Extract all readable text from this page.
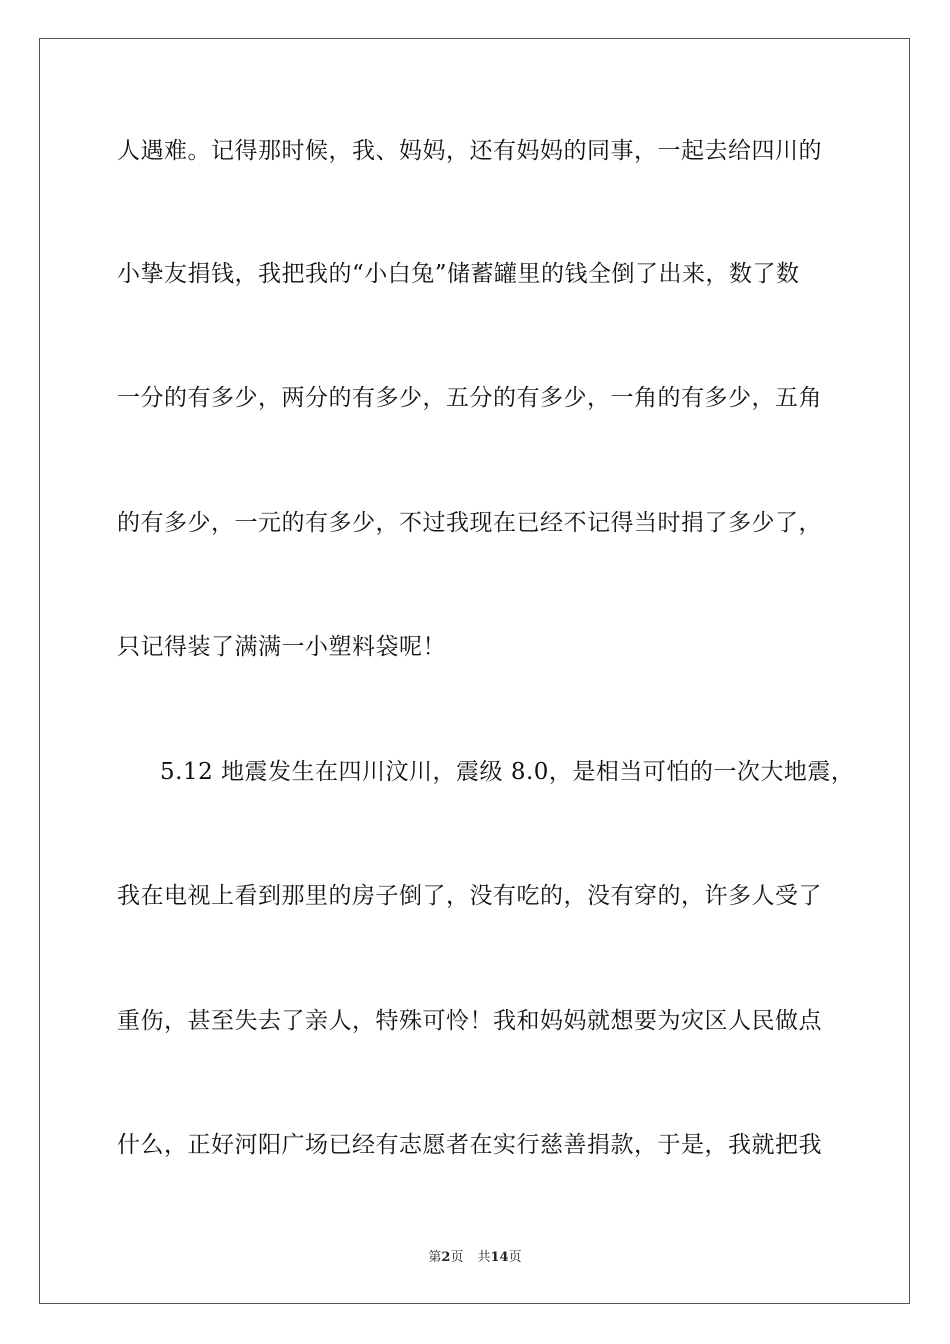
人遇难。记得那时候，我、妈妈，还有妈妈的同事，一起去给四川的
小挚友捐钱，我把我的“小白兔”储蓄罐里的钱全倒了出来，数了数
一分的有多少，两分的有多少，五分的有多少，一角的有多少，五角
的有多少，一元的有多少，不过我现在已经不记得当时捐了多少了，
只记得装了满满一小塑料袋呢！
5.12 地震发生在四川汶川，震级 8.0，是相当可怕的一次大地震，
我在电视上看到那里的房子倒了，没有吃的，没有穿的，许多人受了
重伤，甚至失去了亲人，特殊可怜！我和妈妈就想要为灾区人民做点
什么，正好河阳广场已经有志愿者在实行慈善捐款，于是，我就把我
第2页 共14页
